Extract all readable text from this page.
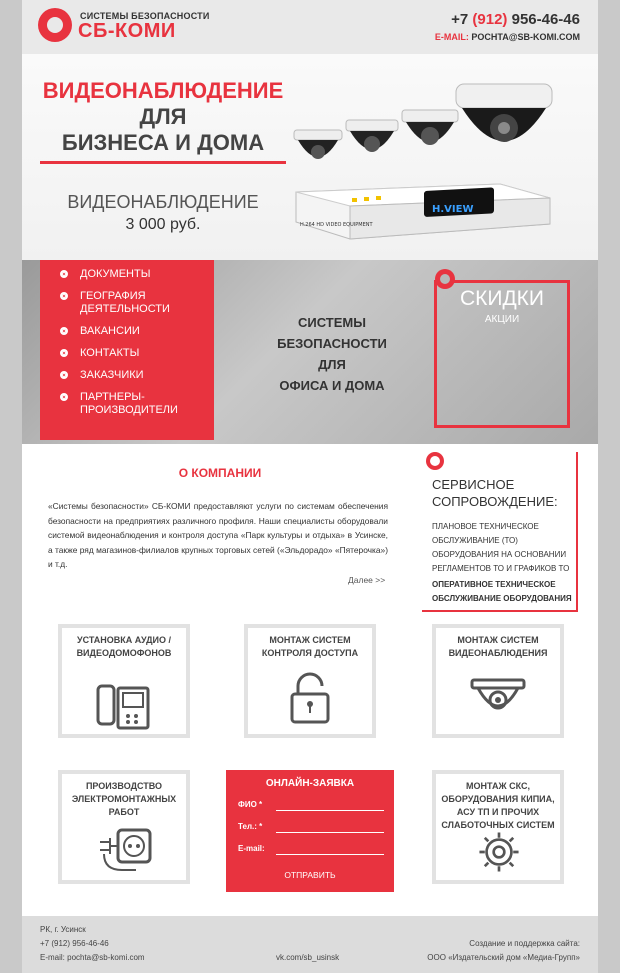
СИСТЕМЫ БЕЗОПАСНОСТИ
СБ-КОМИ
+7 (912) 956-46-46
E-MAIL: POCHTA@SB-KOMI.COM
ВИДЕОНАБЛЮДЕНИЕ
ДЛЯ
БИЗНЕСА И ДОМА
ВИДЕОНАБЛЮДЕНИЕ
3 000 руб.
H.VIEW
H.264 HD VIDEO EQUIPMENT
ДОКУМЕНТЫ
ГЕОГРАФИЯ ДЕЯТЕЛЬНОСТИ
ВАКАНСИИ
КОНТАКТЫ
ЗАКАЗЧИКИ
ПАРТНЕРЫ-ПРОИЗВОДИТЕЛИ
СИСТЕМЫ
БЕЗОПАСНОСТИ
ДЛЯ
ОФИСА И ДОМА
СКИДКИ
АКЦИИ
О КОМПАНИИ
«Системы безопасности» СБ-КОМИ предоставляют услуги по системам обеспечения безопасности на предприятиях различного профиля. Наши специалисты оборудовали системой видеонаблюдения и контроля доступа «Парк культуры и отдыха» в Усинске, а также ряд магазинов-филиалов крупных торговых сетей («Эльдорадо» «Пятерочка») и т.д.
Далее >>
СЕРВИСНОЕ СОПРОВОЖДЕНИЕ:
ПЛАНОВОЕ ТЕХНИЧЕСКОЕ ОБСЛУЖИВАНИЕ (ТО) ОБОРУДОВАНИЯ НА ОСНОВАНИИ РЕГЛАМЕНТОВ ТО И ГРАФИКОВ ТО
ОПЕРАТИВНОЕ ТЕХНИЧЕСКОЕ ОБСЛУЖИВАНИЕ ОБОРУДОВАНИЯ
УСТАНОВКА АУДИО / ВИДЕОДОМОФОНОВ
МОНТАЖ СИСТЕМ КОНТРОЛЯ ДОСТУПА
МОНТАЖ СИСТЕМ ВИДЕОНАБЛЮДЕНИЯ
ПРОИЗВОДСТВО ЭЛЕКТРОМОНТАЖНЫХ РАБОТ
ОНЛАЙН-ЗАЯВКА
ФИО *
Тел.: *
E-mail:
ОТПРАВИТЬ
МОНТАЖ СКС, ОБОРУДОВАНИЯ КИПИА, АСУ ТП И ПРОЧИХ СЛАБОТОЧНЫХ СИСТЕМ
РК, г. Усинск
+7 (912) 956-46-46
E-mail: pochta@sb-komi.com	vk.com/sb_usinsk
Создание и поддержка сайта:
ООО «Издательский дом «Медиа-Групп»
